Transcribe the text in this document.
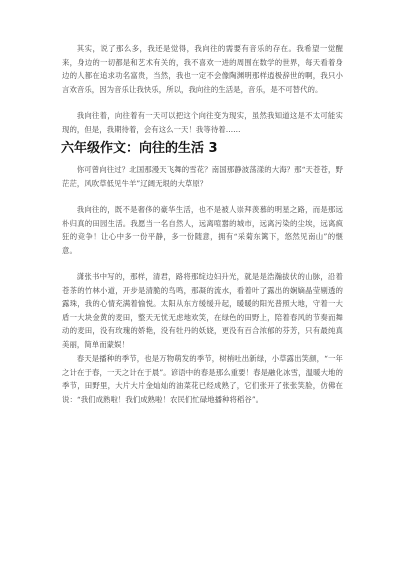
其实，说了那么多，我还是觉得，我向往的需要有音乐的存在。我希望一觉醒来，身边的一切都是和艺术有关的，我不喜欢一进的周围在数学的世界，每天看着身边的人都在追求功名富贵，当然，我也一定不会像陶渊明那样逍极辞世的啊，我只小言欢音乐，因为音乐让我快乐，所以，我向往的生活是，音乐，是不可替代的。

我向往着，向往着有一天可以把这个向往变为现实，虽然我知道这是不太可能实现的，但是，我期待着，会有这么一天！我等待着……

六年级作文：向往的生活 3

你可曾向往过？北国那漫天飞舞的雪花？南国那静波荡漾的大海？那“天苍苍，野茫茫，风吹草低见牛羊”辽阔无垠的大草原？

我向往的，既不是奢侈的豪华生活，也不是被人崇拜羡慕的明星之路，而是那远朴归真的田园生活。我愿当一名自然人，远离喧嚣的城市，远离污染的尘埃，远离疯狂的竞争！让心中多一份平静，多一份随意，拥有“采菊东篱下，悠然见南山”的惬意。

潇张书中写的，那样，清君，路将那绽边妇升光，就是是浩瀚拔伏的山脉，沿着苍茶的竹林小道，开步是清脆的鸟鸣，那凝的流水，看着叶了露出的娴嫡晶莹剔透的露珠，我的心情充满着愉悦。太阳从东方缓缓升起，暖暖的阳光普照大地，守着一大盾一大块金黄的麦田，整天无忧无虑地欢笑，在绿色的田野上，陪着春风的节奏而舞动的麦田，没有玫瑰的娇艳，没有牡丹的妖娆，更没有百合浓郁的芬芳，只有最纯真美丽，简单而蒙娱！

春天是播种的季节，也是万物萌发的季节，树梢吐出新绿，小草露出笑颜，“一年之计在于春，一天之计在于晨”。谚语中的春是那么重要！春是融化冰雪，温暖大地的季节，田野里，大片大片金灿灿的油菜花已经成熟了，它们张开了张张笑脸，仿佛在说：“我们成熟啦！我们成熟啦！农民们忙碌地播种将稻谷”。
